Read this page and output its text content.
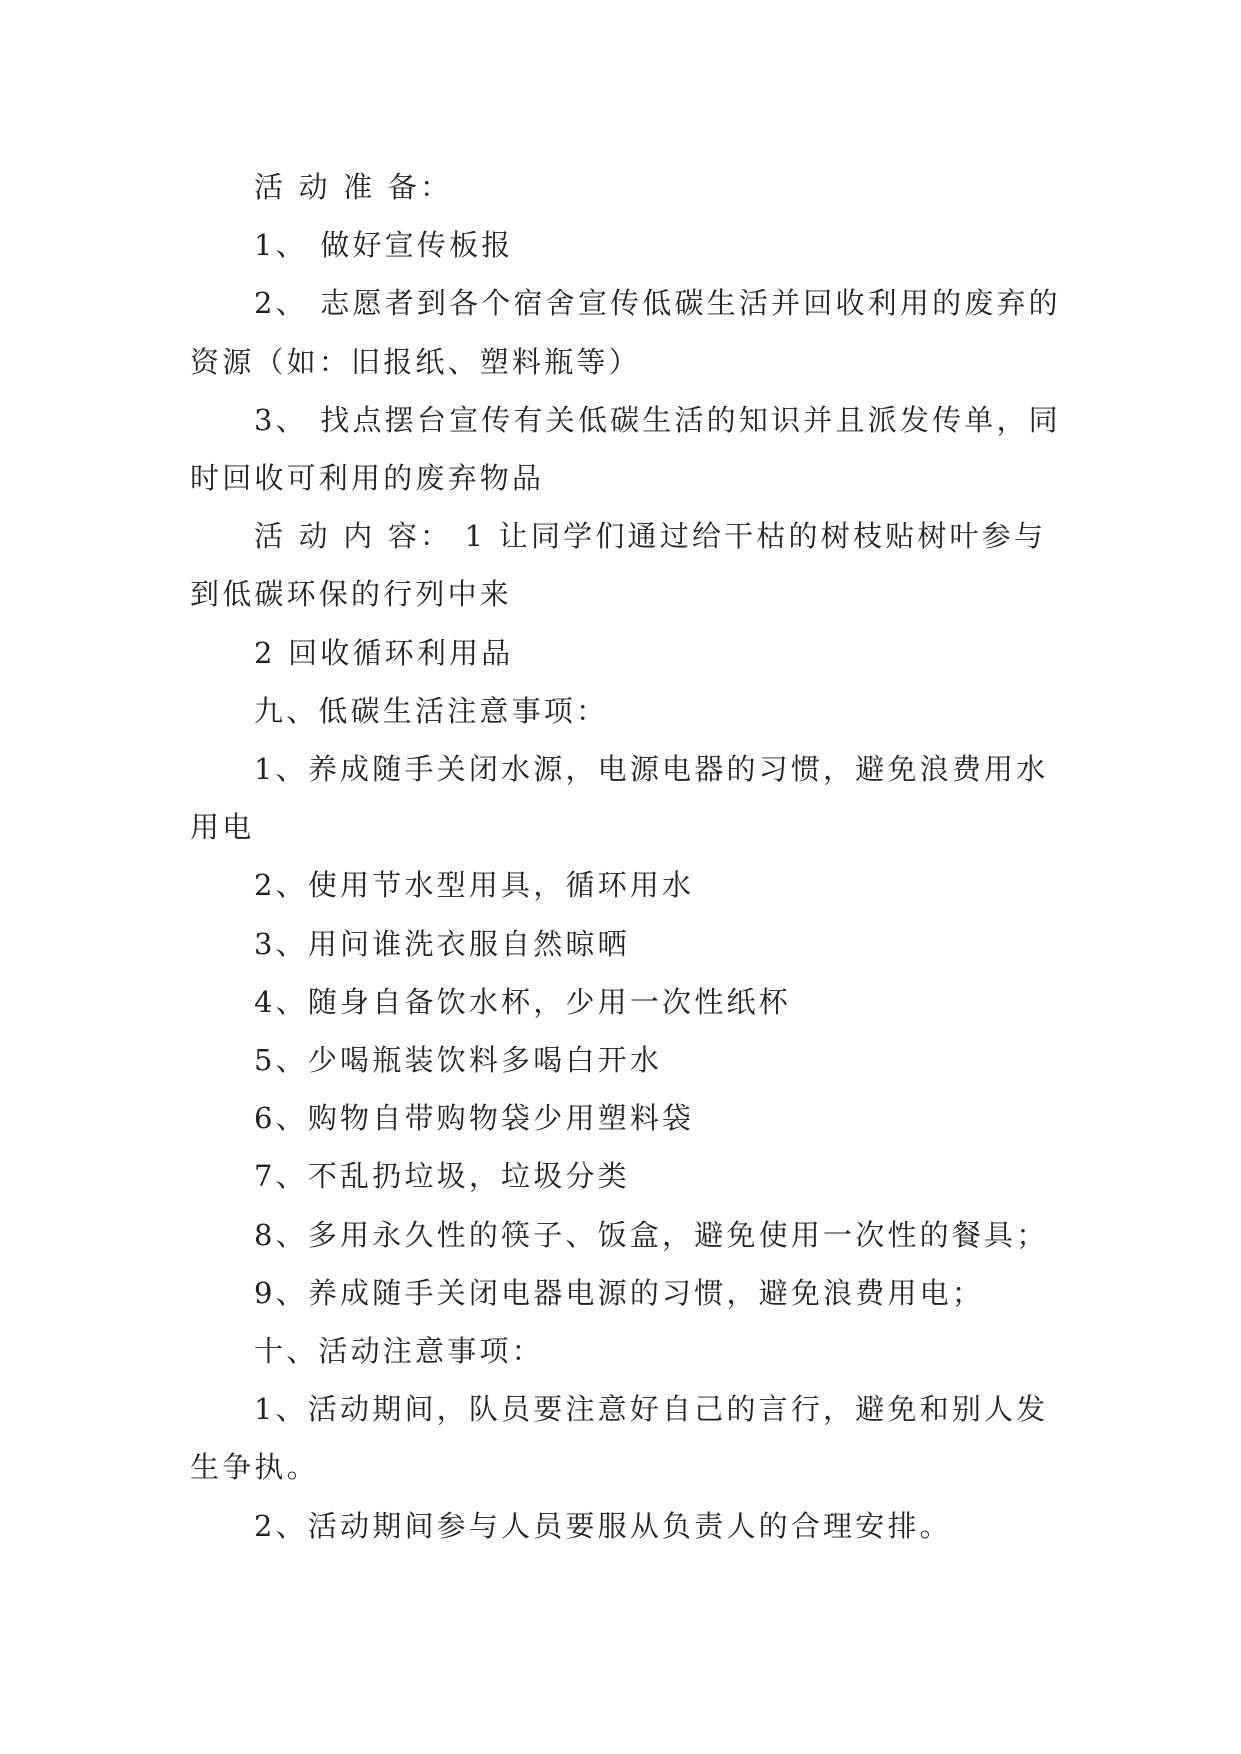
活 动 准 备：

1、 做好宣传板报

2、 志愿者到各个宿舍宣传低碳生活并回收利用的废弃的资源（如：旧报纸、塑料瓶等）

3、 找点摆台宣传有关低碳生活的知识并且派发传单，同时回收可利用的废弃物品

活 动 内 容： 1 让同学们通过给干枯的树枝贴树叶参与到低碳环保的行列中来

2 回收循环利用品

九、低碳生活注意事项：

1、养成随手关闭水源，电源电器的习惯，避免浪费用水用电

2、使用节水型用具，循环用水

3、用问谁洗衣服自然晾晒

4、随身自备饮水杯，少用一次性纸杯

5、少喝瓶装饮料多喝白开水

6、购物自带购物袋少用塑料袋

7、不乱扔垃圾，垃圾分类

8、多用永久性的筷子、饭盒，避免使用一次性的餐具；

9、养成随手关闭电器电源的习惯，避免浪费用电；

十、活动注意事项：

1、活动期间，队员要注意好自己的言行，避免和别人发生争执。

2、活动期间参与人员要服从负责人的合理安排。
